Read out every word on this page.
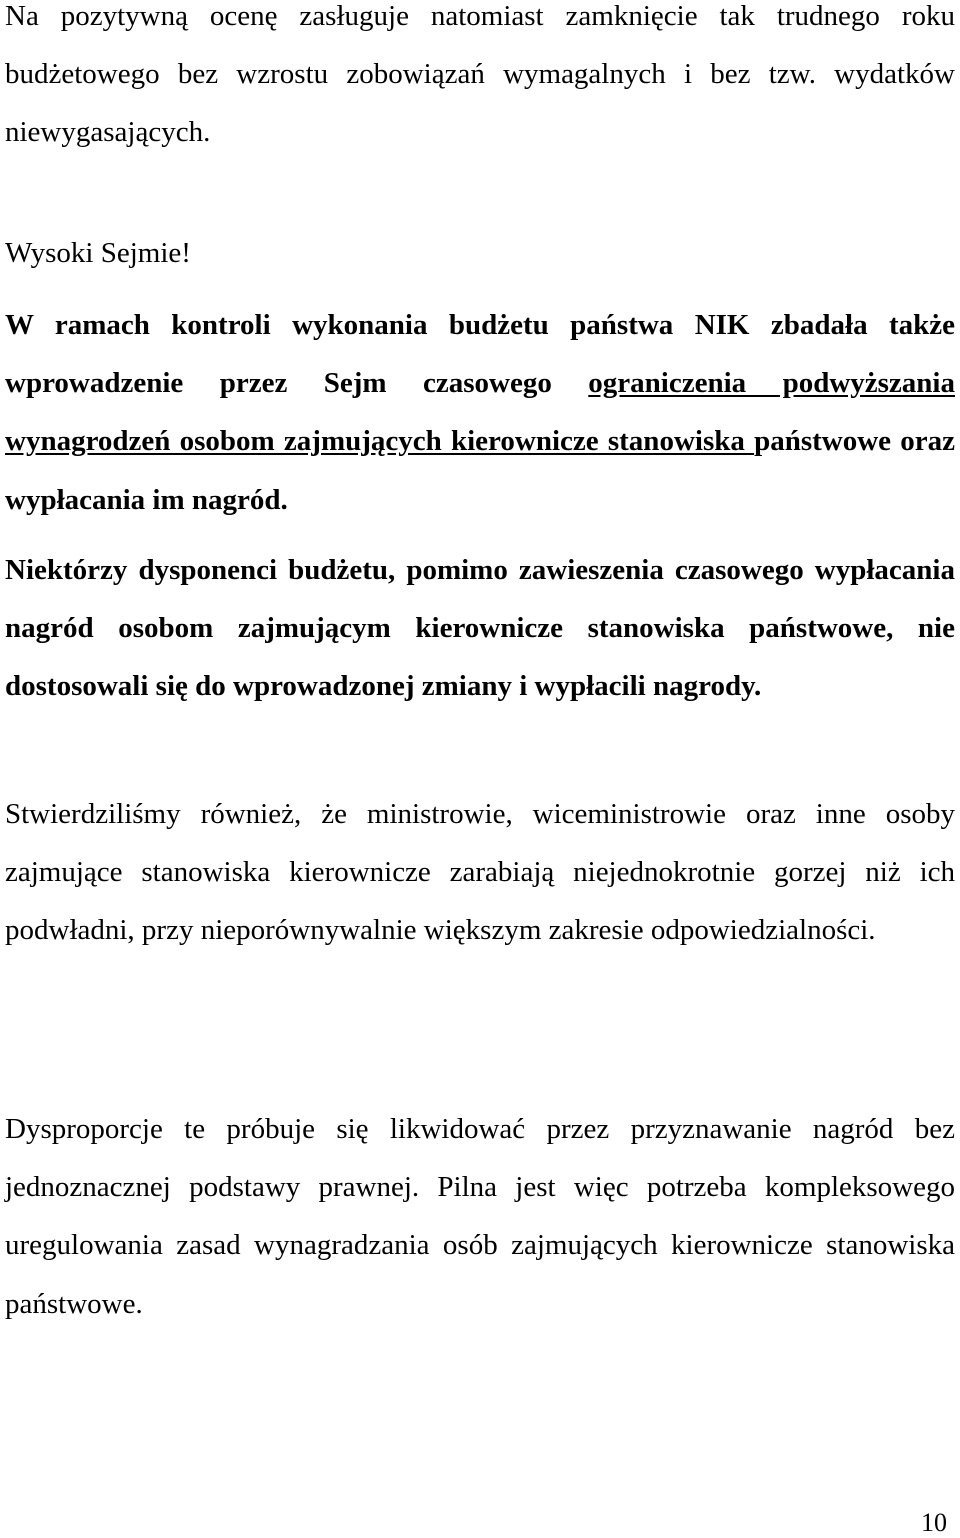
Na pozytywną ocenę zasługuje natomiast zamknięcie tak trudnego roku budżetowego bez wzrostu zobowiązań wymagalnych i bez tzw. wydatków niewygasających.

Wysoki Sejmie!

W ramach kontroli wykonania budżetu państwa NIK zbadała także wprowadzenie przez Sejm czasowego ograniczenia podwyższania wynagrodzeń osobom zajmujących kierownicze stanowiska państwowe oraz wypłacania im nagród.

Niektórzy dysponenci budżetu, pomimo zawieszenia czasowego wypłacania nagród osobom zajmującym kierownicze stanowiska państwowe, nie dostosowali się do wprowadzonej zmiany i wypłacili nagrody.

Stwierdziliśmy również, że ministrowie, wiceministrowie oraz inne osoby zajmujące stanowiska kierownicze zarabiają niejednokrotnie gorzej niż ich podwładni, przy nieporównywalnie większym zakresie odpowiedzialności.

Dysproporcje te próbuje się likwidować przez przyznawanie nagród bez jednoznacznej podstawy prawnej. Pilna jest więc potrzeba kompleksowego uregulowania zasad wynagradzania osób zajmujących kierownicze stanowiska państwowe.

10
